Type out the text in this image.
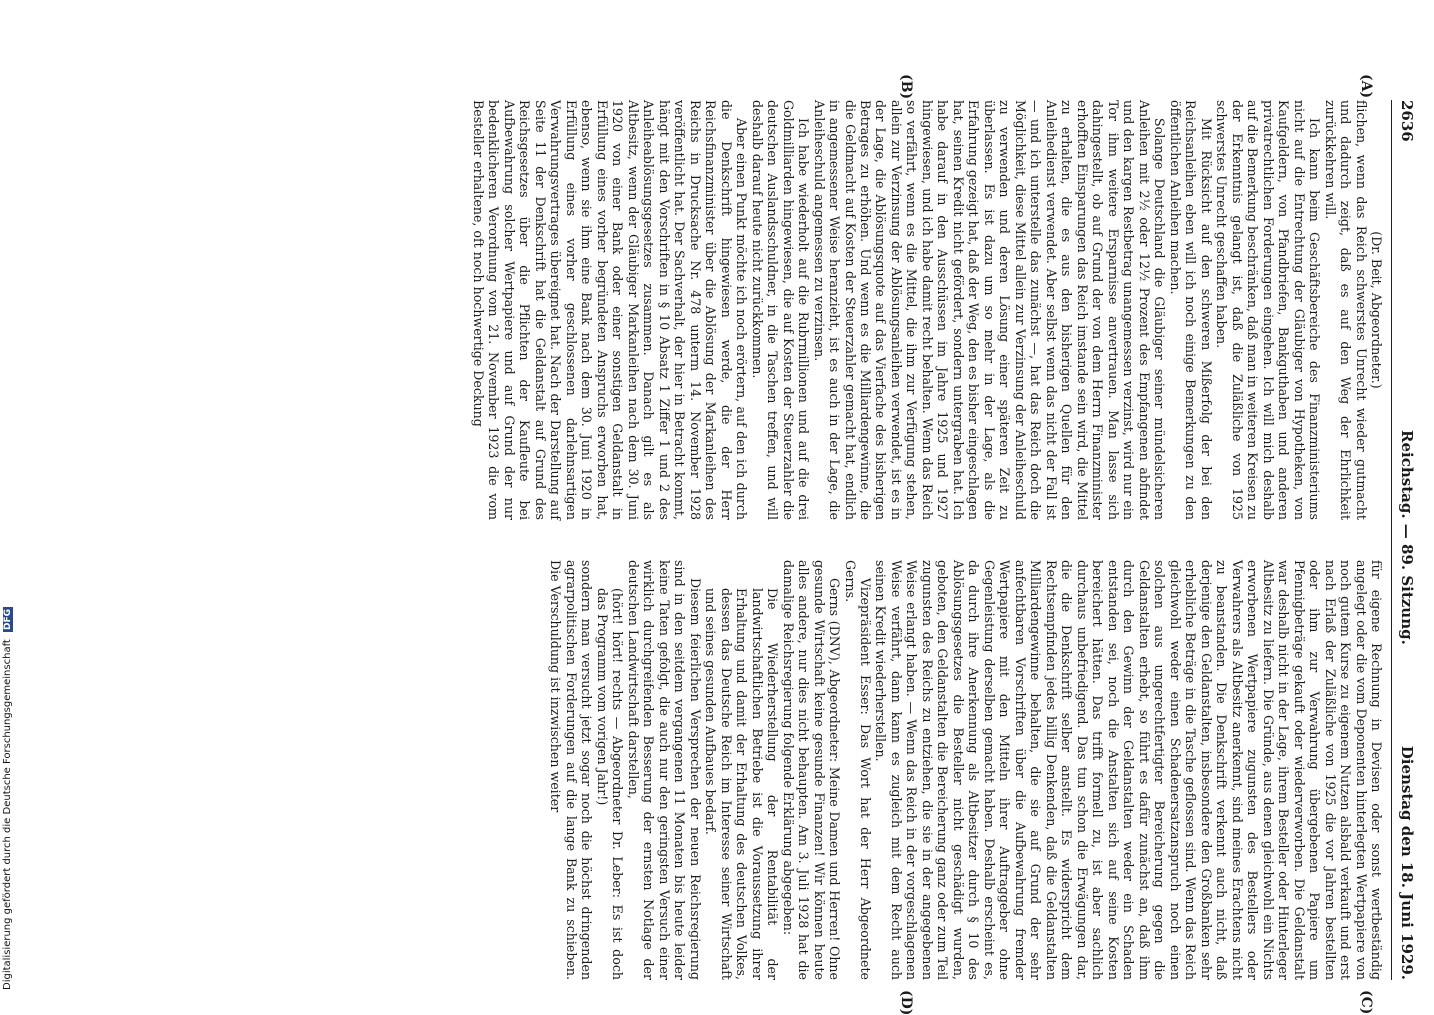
2636
Reichstag. — 89. Sitzung.
Dienstag den 18. Juni 1929.
(A)
(B)
(C)
(D)

(Dr. Beit, Abgeordneter.)

flichen, wenn das Reich schwerstes Unrecht wieder gutmacht und dadurch zeigt, daß es auf den Weg der Ehrlichkeit zurückkehren will.

Ich kann beim Geschäftsbereiche des Finanzministeriums nicht auf die Entrechtung der Gläubiger von Hypotheken, von Kaufgeldern, von Pfandbriefen, Bankguthaben und anderen privatrechtlichen Forderungen eingehen. Ich will mich deshalb auf die Bemerkung beschränken, daß man in weiteren Kreisen zu der Erkenntnis gelangt ist, daß die Zuläßliche von 1925 schwerstes Unrecht geschaffen haben.

Mit Rücksicht auf den schweren Mißerfolg der bei den Reichsanleihen eben will ich noch einige Bemerkungen zu den öffentlichen Anleihen machen.

Solange Deutschland die Gläubiger seiner mündelsicheren Anleihen mit 2½ oder 12½ Prozent des Empfangenen abfindet und den kargen Restbetrag unangemessen verzinst, wird nur ein Tor ihm weitere Ersparnisse anvertrauen. Man lasse sich dahingestellt, ob auf Grund der von dem Herrn Finanzminister erhofften Einsparungen das Reich imstande sein wird, die Mittel zu erhalten, die es aus den bisherigen Quellen für den Anleihedienst verwendet. Aber selbst wenn das nicht der Fall ist — und ich unterstelle das zunächst —, hat das Reich doch die Möglichkeit, diese Mittel allein zur Verzinsung der Anleiheschuld zu verwenden und deren Lösung einer späteren Zeit zu überlassen. Es ist dazu um so mehr in der Lage, als die Erfahrung gezeigt hat, daß der Weg, den es bisher eingeschlagen hat, seinen Kredit nicht gefördert, sondern untergraben hat. Ich habe darauf in den Ausschüssen im Jahre 1925 und 1927 hingewiesen, und ich habe damit recht behalten. Wenn das Reich so verfährt, wenn es die Mittel, die ihm zur Verfügung stehen, allein zur Verzinsung der Ablösungsanleihen verwendet, ist es in der Lage, die Ablösungsquote auf das Vierfache des bisherigen Betrages zu erhöhen. Und wenn es die Milliardengewinne, die die Geldmacht auf Kosten der Steuerzahler gemacht hat, endlich in angemessener Weise heranzieht, ist es auch in der Lage, die Anleiheschuld angemessen zu verzinsen.

Ich habe wiederholt auf die Rubrmillionen und auf die drei Goldmilliarden hingewiesen, die auf Kosten der Steuerzahler die deutschen Auslandsschuldner, in die Taschen treffen, und will deshalb darauf heute nicht zurückkommen.

Aber einen Punkt möchte ich noch erörtern, auf den ich durch die Denkschrift hingewiesen werde, die der Herr Reichsfinanzminister über die Ablösung der Markanleihen des Reichs in Drucksache Nr. 478 unterm 14. November 1928 veröffentlicht hat. Der Sachverhalt, der hier in Betracht kommt, hängt mit den Vorschriften in § 10 Absatz 1 Ziffer 1 und 2 des Anleiheablösungsgesetzes zusammen. Danach gilt es als Altbesitz, wenn der Gläubiger Markanleihen nach dem 30. Juni 1920 von einer Bank oder einer sonstigen Geldanstalt in Erfüllung eines vorher begründeten Anspruchs erworben hat, ebenso, wenn sie ihm eine Bank nach dem 30. Juni 1920 in Erfüllung eines vorher geschlossenen darlehnsartigen Verwahrungsvertrages übereignet hat. Nach der Darstellung auf Seite 11 der Denkschrift hat die Geldanstalt auf Grund des Reichsgesetzes über die Pflichten der Kaufleute bei Aufbewahrung solcher Wertpapiere und auf Grund der nur bedenklicheren Verordnung vom 21. November 1923 die vom Besteller erhaltene, oft noch hochwertige Deckung

für eigene Rechnung in Devisen oder sonst wertbeständig angelegt oder die vom Deponenten hinterlegten Wertpapiere von noch gutem Kurse zu eigenem Nutzen alsbald verkauft und erst nach Erlaß der Zuläßliche von 1925 die vor Jahren bestellten oder ihm zur Verwahrung übergebenen Papiere um Pfennigbeträge gekauft oder wiederverworben. Die Geldanstalt war deshalb nicht in der Lage, ihrem Besteller oder Hinterleger Altbesitz zu liefern. Die Gründe, aus denen gleichwohl ein Nichts erworbenen Wertpapiere zugunsten des Bestellers oder Verwahrers als Altbesitz anerkennt, sind meines Erachtens nicht zu beanstanden. Die Denkschrift verkennt auch nicht, daß derjenige den Geldanstalten, insbesondere den Großbanken sehr erhebliche Beträge in die Tasche geflossen sind. Wenn das Reich gleichwohl weder einen Schadenersatzanspruch noch einen solchen aus ungerechtfertigter Bereicherung gegen die Geldanstalten erhebt, so führt es dafür zunächst an, daß ihm durch den Gewinn der Geldanstalten weder ein Schaden entstanden sei, noch die Anstalten sich auf seine Kosten bereichert hätten. Das trifft formell zu, ist aber sachlich durchaus unbefriedigend. Das tun schon die Erwägungen dar, die die Denkschrift selber anstellt. Es widerspricht dem Rechtsempfinden jedes billig Denkenden, daß die Geldanstalten Milliardengewinne behalten, die sie auf Grund der sehr anfechtbaren Vorschriften über die Aufbewahrung fremder Wertpapiere mit den Mitteln ihrer Auftraggeber ohne Gegenleistung derselben gemacht haben. Deshalb erscheint es, da durch ihre Anerkennung als Altbesitzer durch § 10 des Ablösungsgesetzes die Besteller nicht geschädigt wurden, geboten, den Geldanstalten die Bereicherung ganz oder zum Teil zugunsten des Reichs zu entziehen, die sie in der angegebenen Weise erlangt haben. — Wenn das Reich in der vorgeschlagenen Weise verfährt, dann kann es zugleich mit dem Recht auch seinen Kredit wiederherstellen.

Vizepräsident Esser: Das Wort hat der Herr Abgeordnete Gerns.

Gerns (DNV), Abgeordneter: Meine Damen und Herren! Ohne gesunde Wirtschaft keine gesunde Finanzen! Wir können heute alles andere, nur dies nicht behaupten. Am 3. Juli 1928 hat die damalige Reichsregierung folgende Erklärung abgegeben:

Die Wiederherstellung der Rentabilität der landwirtschaftlichen Betriebe ist die Voraussetzung ihrer Erhaltung und damit der Erhaltung des deutschen Volkes, dessen das Deutsche Reich im Interesse seiner Wirtschaft und seines gesunden Aufbaues bedarf.

Diesem feierlichen Versprechen der neuen Reichsregierung sind in den seitdem vergangenen 11 Monaten bis heute leider keine Taten gefolgt, die auch nur den geringsten Versuch einer wirklich durchgreifenden Besserung der ernsten Notlage der deutschen Landwirtschaft darstellen,

(hört! hört! rechts — Abgeordneter Dr. Leber: Es ist doch das Programm vom vorigen Jahr!)

sondern man versucht jetzt sogar noch die höchst dringenden agrarpolitischen Forderungen auf die lange Bank zu schieben. Die Verschuldung ist inzwischen weiter

Digitalisierung gefördert durch die Deutsche Forschungsgemeinschaft DFG
